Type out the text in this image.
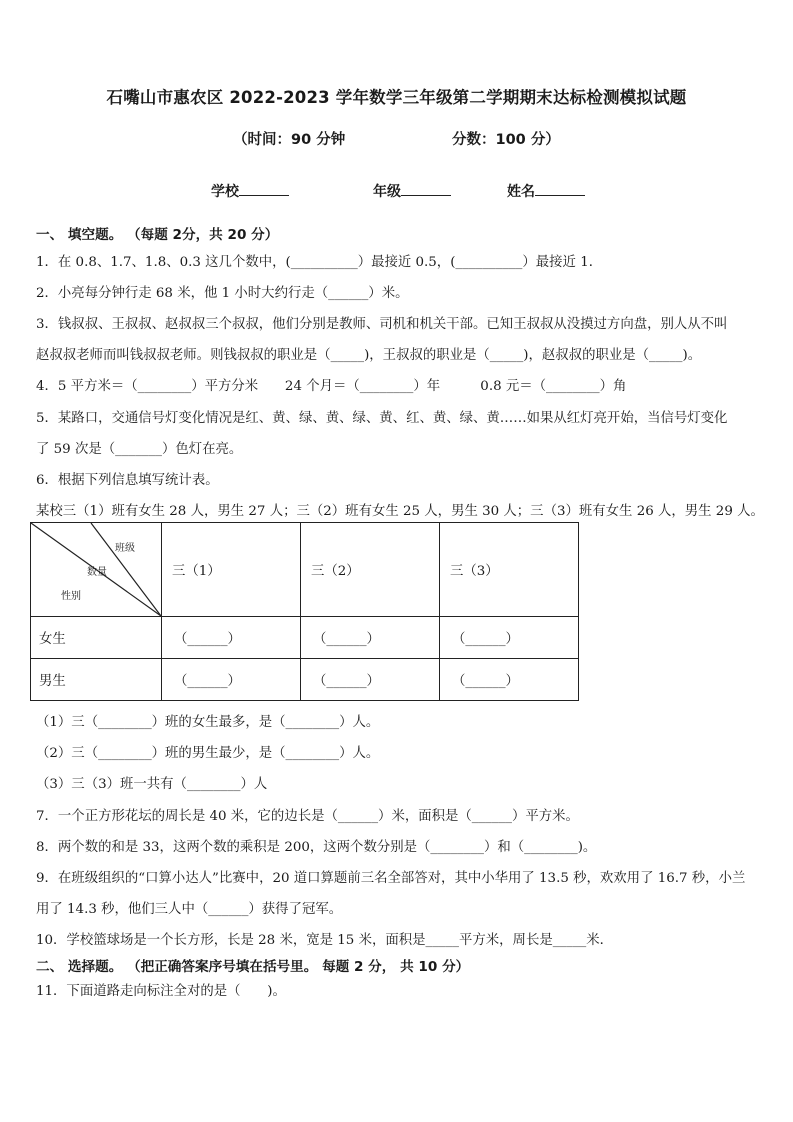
石嘴山市惠农区 2022-2023 学年数学三年级第二学期期末达标检测模拟试题
（时间：90 分钟	分数：100 分）
学校	年级	姓名
一、 填空题。 （每题 2分，共 20 分）
1．在 0.8、1.7、1.8、0.3 这几个数中，(__________）最接近 0.5，(__________）最接近 1．
2．小亮每分钟行走 68 米，他 1 小时大约行走（______）米。
3．钱叔叔、王叔叔、赵叔叔三个叔叔，他们分别是教师、司机和机关干部。已知王叔叔从没摸过方向盘，别人从不叫
赵叔叔老师而叫钱叔叔老师。则钱叔叔的职业是（_____)，王叔叔的职业是（_____)，赵叔叔的职业是（_____)。
4．5 平方米＝（________）平方分米　　24 个月＝（________）年　　　0.8 元＝（________）角
5．某路口，交通信号灯变化情况是红、黄、绿、黄、绿、黄、红、黄、绿、黄……如果从红灯亮开始，当信号灯变化
了 59 次是（_______）色灯在亮。
6．根据下列信息填写统计表。
某校三（1）班有女生 28 人，男生 27 人；三（2）班有女生 25 人，男生 30 人；三（3）班有女生 26 人，男生 29 人。
班级
数量
性别	三（1）	三（2）	三（3）
女生	（______）	（______）	（______）
男生	（______）	（______）	（______）
（1）三（________）班的女生最多，是（________）人。
（2）三（________）班的男生最少，是（________）人。
（3）三（3）班一共有（________）人
7．一个正方形花坛的周长是 40 米，它的边长是（______）米，面积是（______）平方米。
8．两个数的和是 33，这两个数的乘积是 200，这两个数分别是（________）和（________)。
9．在班级组织的“口算小达人”比赛中，20 道口算题前三名全部答对，其中小华用了 13.5 秒，欢欢用了 16.7 秒，小兰
用了 14.3 秒，他们三人中（______）获得了冠军。
10．学校篮球场是一个长方形，长是 28 米，宽是 15 米，面积是_____平方米，周长是_____米．
二、 选择题。 （把正确答案序号填在括号里。 每题 2 分， 共 10 分）
11．下面道路走向标注全对的是（　　)。
